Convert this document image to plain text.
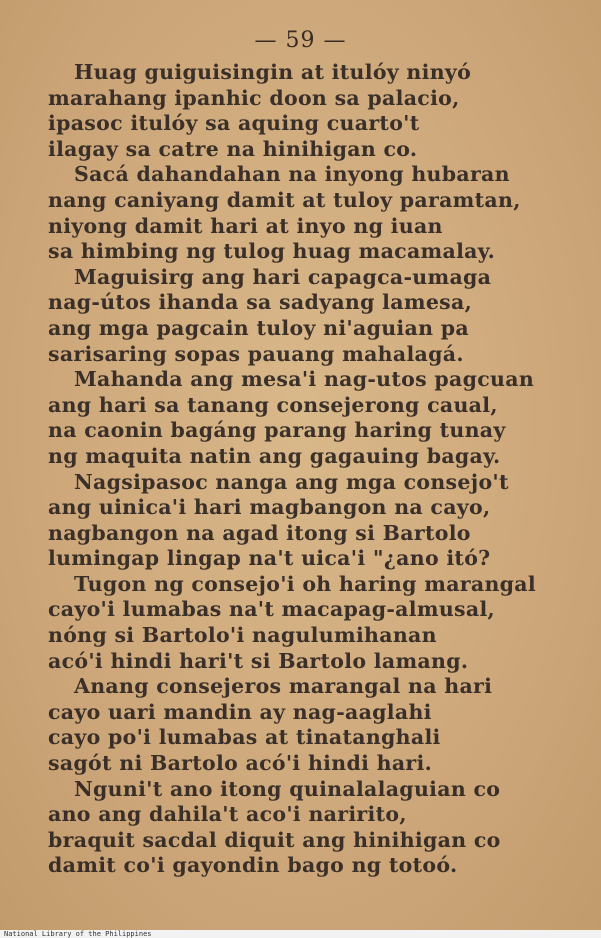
— 59 —
Huag guiguisingin at itulóy ninyó
marahang ipanhic doon sa palacio,
ipasoc itulóy sa aquing cuarto't
ilagay sa catre na hinihigan co.
Sacá dahandahan na inyong hubaran
nang caniyang damit at tuloy paramtan,
niyong damit hari at inyo ng iuan
sa himbing ng tulog huag macamalay.
Maguisirg ang hari capagca-umaga
nag-útos ihanda sa sadyang lamesa,
ang mga pagcain tuloy ni'aguian pa
sarisaring sopas pauang mahalagá.
Mahanda ang mesa'i nag-utos pagcuan
ang hari sa tanang consejerong caual,
na caonin bagáng parang haring tunay
ng maquita natin ang gagauing bagay.
Nagsipasoc nanga ang mga consejo't
ang uinica'i hari magbangon na cayo,
nagbangon na agad itong si Bartolo
lumingap lingap na't uica'i "¿ano itó?
Tugon ng consejo'i oh haring marangal
cayo'i lumabas na't macapag-almusal,
nóng si Bartolo'i nagulumihanan
acó'i hindi hari't si Bartolo lamang.
Anang consejeros marangal na hari
cayo uari mandin ay nag-aaglahi
cayo po'i lumabas at tinatanghali
sagót ni Bartolo acó'i hindi hari.
Nguni't ano itong quinalalaguian co
ano ang dahila't aco'i naririto,
braquit sacdal diquit ang hinihigan co
damit co'i gayondin bago ng totoó.
National Library of the Philippines
